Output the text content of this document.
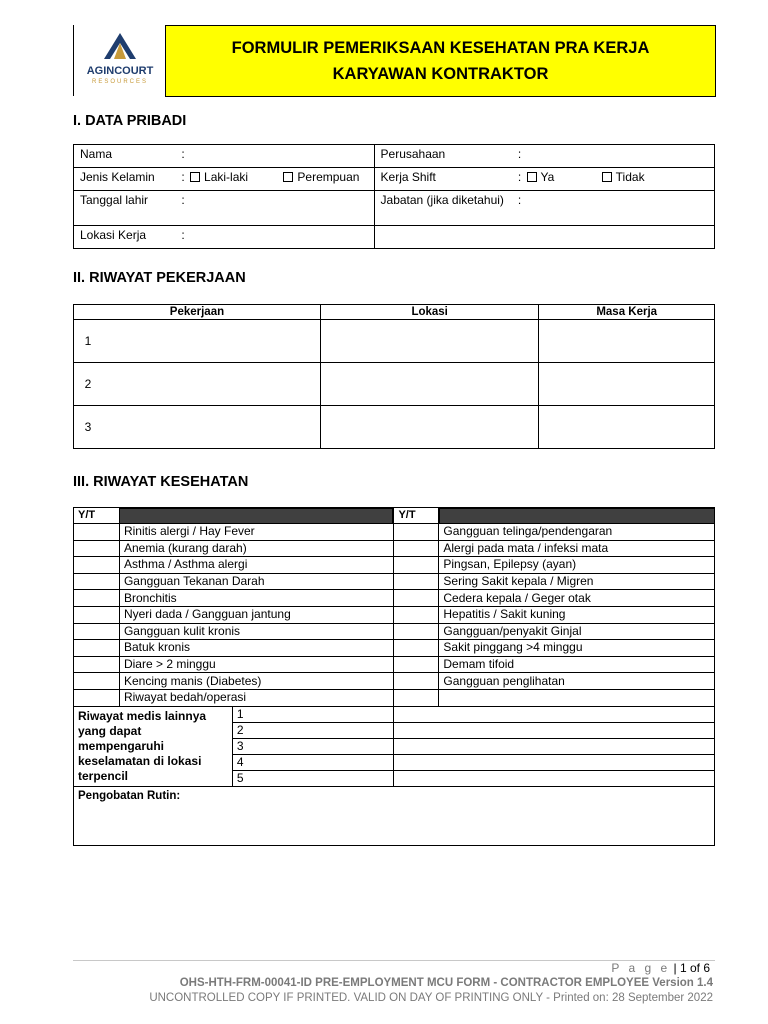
AGINCOURT
RESOURCES
FORMULIR PEMERIKSAAN KESEHATAN PRA KERJA
KARYAWAN KONTRAKTOR
I. DATA PRIBADI
Nama	:	Perusahaan	:
Jenis Kelamin	: Laki-laki Perempuan	Kerja Shift	: Ya Tidak
Tanggal lahir	:	Jabatan (jika diketahui)	:
Lokasi Kerja	:		
II. RIWAYAT PEKERJAAN
Pekerjaan		Lokasi	Masa Kerja
1			
2			
3			
III. RIWAYAT KESEHATAN
Y/T			Y/T	
	Rinitis alergi / Hay Fever			Gangguan telinga/pendengaran
	Anemia (kurang darah)			Alergi pada mata / infeksi mata
	Asthma / Asthma alergi			Pingsan, Epilepsy (ayan)
	Gangguan Tekanan Darah			Sering Sakit kepala / Migren
	Bronchitis			Cedera kepala / Geger otak
	Nyeri dada / Gangguan jantung			Hepatitis / Sakit kuning
	Gangguan kulit kronis			Gangguan/penyakit Ginjal
	Batuk kronis			Sakit pinggang >4 minggu
	Diare > 2 minggu			Demam tifoid
	Kencing manis (Diabetes)			Gangguan penglihatan
	Riwayat bedah/operasi			
Riwayat medis lainnya yang dapat mempengaruhi keselamatan di lokasi terpencil		1		
		2		
		3		
		4		
		5		
Pengobatan Rutin:				
P a g e | 1 of 6
OHS-HTH-FRM-00041-ID PRE-EMPLOYMENT MCU FORM - CONTRACTOR EMPLOYEE Version 1.4
UNCONTROLLED COPY IF PRINTED. VALID ON DAY OF PRINTING ONLY - Printed on: 28 September 2022
